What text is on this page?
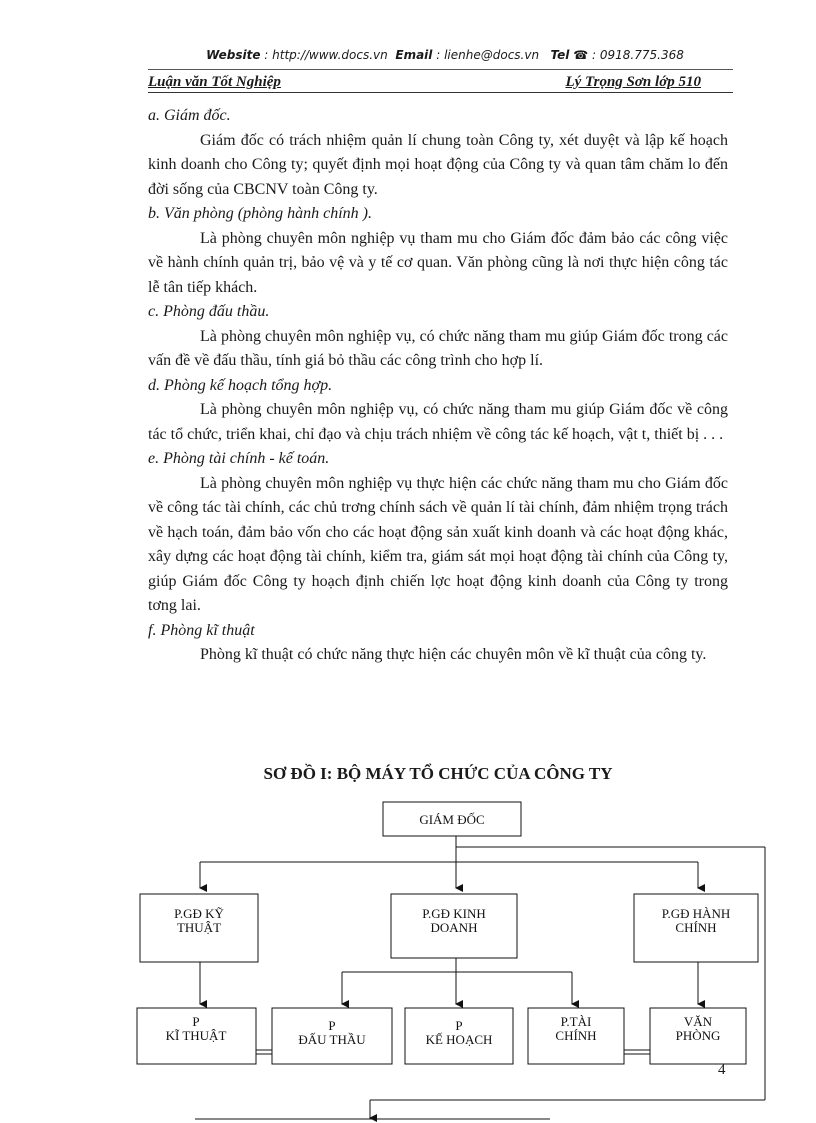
Website : http://www.docs.vn Email : lienhe@docs.vn Tel ☎ : 0918.775.368
Luận văn Tốt Nghiệp	Lý Trọng Sơn lớp 510

a. Giám đốc.

Giám đốc có trách nhiệm quản lí chung toàn Công ty, xét duyệt và lập kế hoạch kinh doanh cho Công ty; quyết định mọi hoạt động của Công ty và quan tâm chăm lo đến đời sống của CBCNV toàn Công ty.

b. Văn phòng (phòng hành chính ).

Là phòng chuyên môn nghiệp vụ tham mu cho Giám đốc đảm bảo các công việc về hành chính quản trị, bảo vệ và y tế cơ quan. Văn phòng cũng là nơi thực hiện công tác lễ tân tiếp khách.

c. Phòng đấu thầu.

Là phòng chuyên môn nghiệp vụ, có chức năng tham mu giúp Giám đốc trong các vấn đề về đấu thầu, tính giá bỏ thầu các công trình cho hợp lí.

d. Phòng kế hoạch tổng hợp.

Là phòng chuyên môn nghiệp vụ, có chức năng tham mu giúp Giám đốc về công tác tổ chức, triển khai, chỉ đạo và chịu trách nhiệm về công tác kế hoạch, vật t, thiết bị . . .

e. Phòng tài chính - kế toán.

Là phòng chuyên môn nghiệp vụ thực hiện các chức năng tham mu cho Giám đốc về công tác tài chính, các chủ trơng chính sách về quản lí tài chính, đảm nhiệm trọng trách về hạch toán, đảm bảo vốn cho các hoạt động sản xuất kinh doanh và các hoạt động khác, xây dựng các hoạt động tài chính, kiểm tra, giám sát mọi hoạt động tài chính của Công ty, giúp Giám đốc Công ty hoạch định chiến lợc hoạt động kinh doanh của Công ty trong tơng lai.

f. Phòng kĩ thuật

Phòng kĩ thuật có chức năng thực hiện các chuyên môn về kĩ thuật của công ty.

SƠ ĐỒ I: BỘ MÁY TỔ CHỨC CỦA CÔNG TY
GIÁM ĐỐC
P.GĐ KỸ
THUẬT
P.GĐ KINH
DOANH
P.GĐ HÀNH
CHÍNH
P
KĨ THUẬT
P
ĐẤU THẦU
P
KẾ HOẠCH
P.TÀI
CHÍNH
VĂN
PHÒNG
4
